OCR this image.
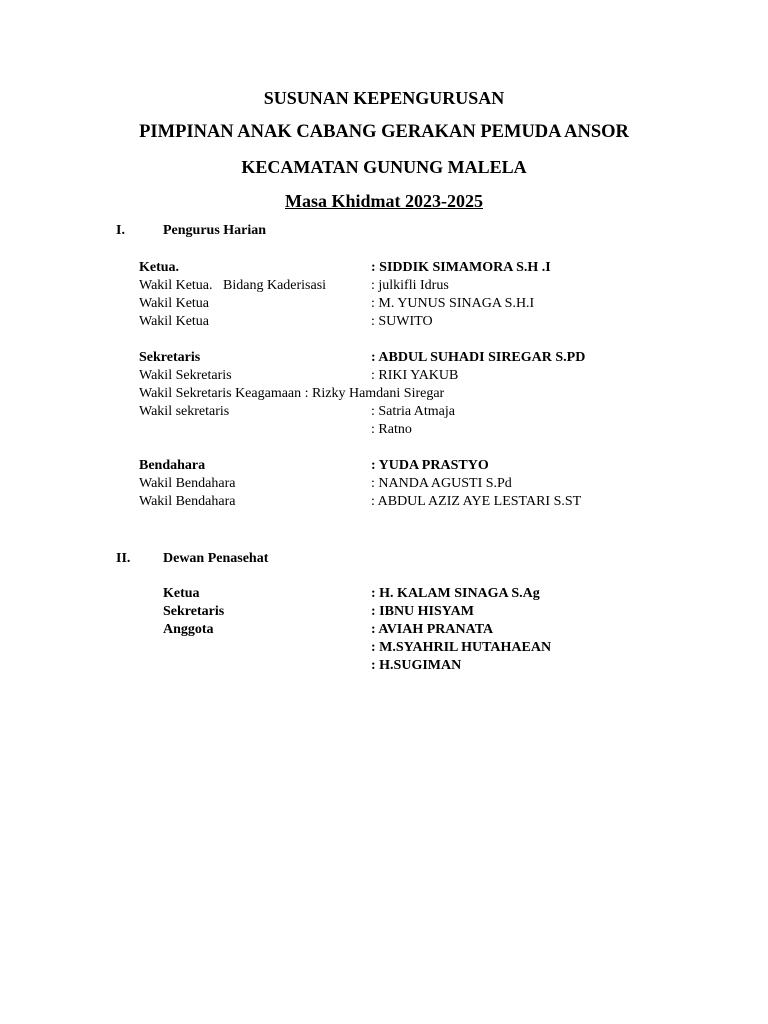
SUSUNAN KEPENGURUSAN
PIMPINAN ANAK CABANG GERAKAN PEMUDA ANSOR
KECAMATAN GUNUNG MALELA
Masa Khidmat 2023-2025
I.	Pengurus Harian
Ketua.	: SIDDIK SIMAMORA S.H .I
Wakil Ketua.   Bidang Kaderisasi	: julkifli Idrus
Wakil Ketua	: M. YUNUS SINAGA S.H.I
Wakil Ketua	: SUWITO
Sekretaris	: ABDUL SUHADI SIREGAR S.PD
Wakil Sekretaris	: RIKI YAKUB
Wakil Sekretaris Keagamaan : Rizky Hamdani Siregar
Wakil sekretaris	: Satria Atmaja
: Ratno
Bendahara	: YUDA PRASTYO
Wakil Bendahara	: NANDA AGUSTI S.Pd
Wakil Bendahara	: ABDUL AZIZ AYE LESTARI S.ST
II. Dewan Penasehat
Ketua	: H. KALAM SINAGA S.Ag
Sekretaris	: IBNU HISYAM
Anggota	: AVIAH PRANATA
: M.SYAHRIL HUTAHAEAN
: H.SUGIMAN
